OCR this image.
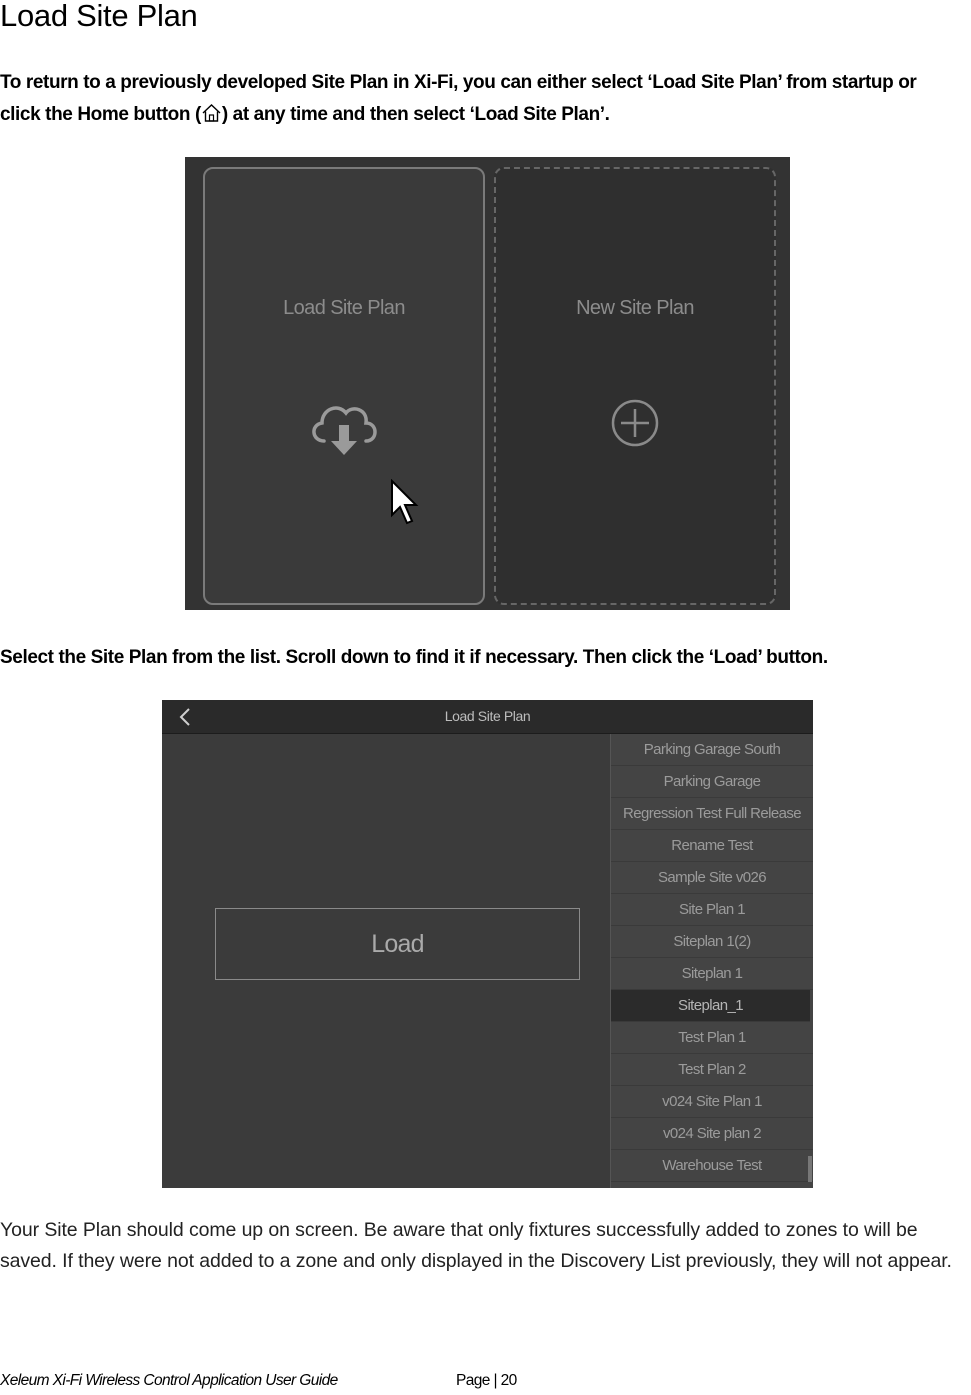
Load Site Plan
To return to a previously developed Site Plan in Xi-Fi, you can either select ‘Load Site Plan’ from startup or click the Home button ( ) at any time and then select ‘Load Site Plan’.
Load Site Plan	New Site Plan
Select the Site Plan from the list. Scroll down to find it if necessary. Then click the ‘Load’ button.
Load Site Plan
Load
Parking Garage South
Parking Garage
Regression Test Full Release
Rename Test
Sample Site v026
Site Plan 1
Siteplan 1(2)
Siteplan 1
Siteplan_1
Test Plan 1
Test Plan 2
v024 Site Plan 1
v024 Site plan 2
Warehouse Test
Your Site Plan should come up on screen. Be aware that only fixtures successfully added to zones to will be saved. If they were not added to a zone and only displayed in the Discovery List previously, they will not appear.
Xeleum Xi-Fi Wireless Control Application User Guide	Page | 20
